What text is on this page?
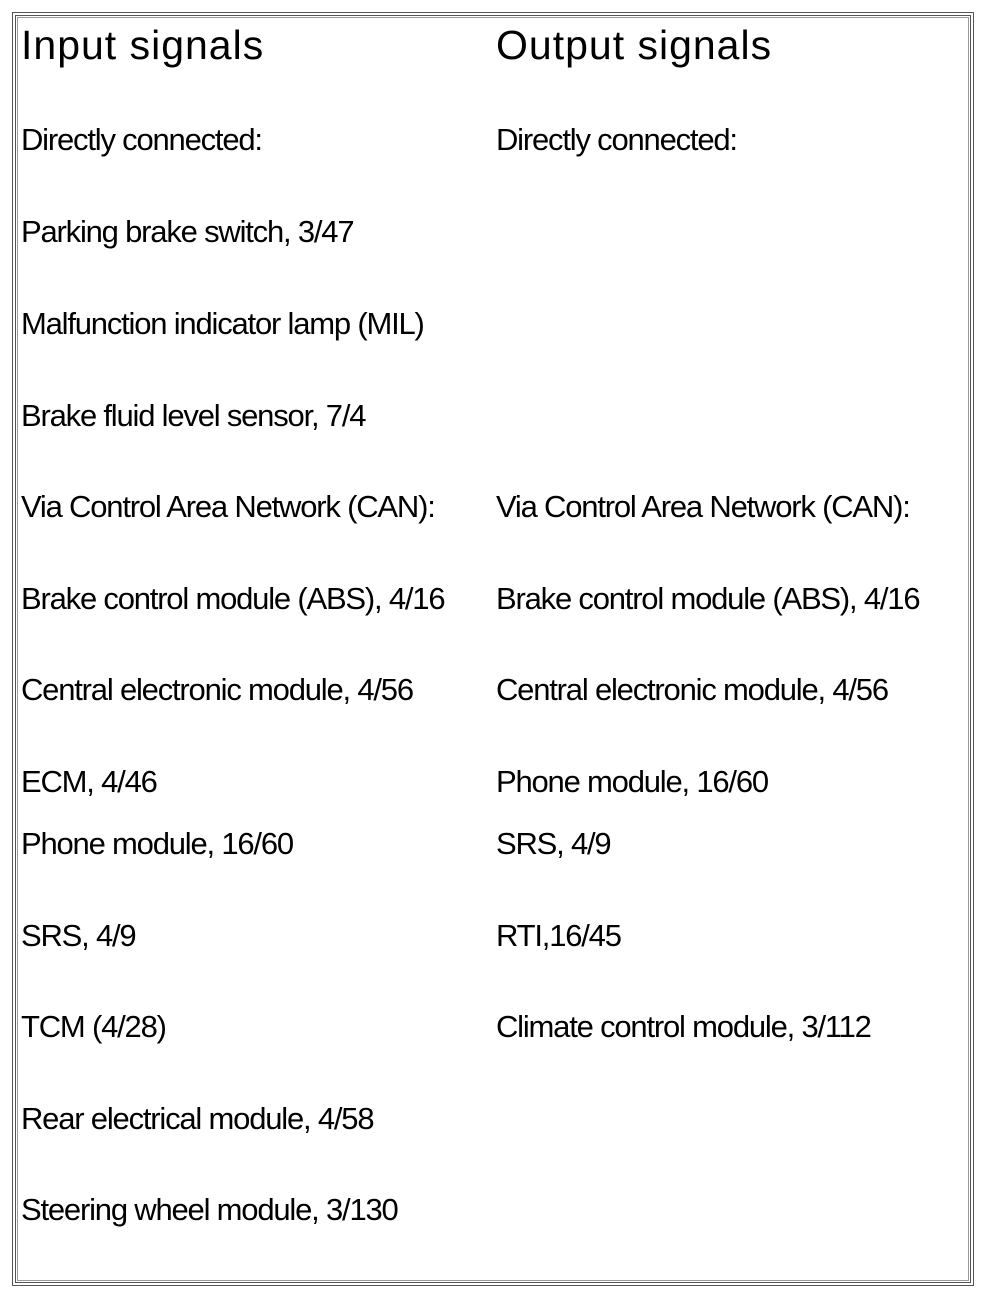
Input signals	Output signals
Directly connected:
Parking brake switch, 3/47
Malfunction indicator lamp (MIL)
Brake fluid level sensor, 7/4
Via Control Area Network (CAN):
Brake control module (ABS), 4/16
Central electronic module, 4/56
ECM, 4/46
Phone module, 16/60
SRS, 4/9
TCM (4/28)
Rear electrical module, 4/58
Steering wheel module, 3/130
Directly connected:
Via Control Area Network (CAN):
Brake control module (ABS), 4/16
Central electronic module, 4/56
Phone module, 16/60
SRS, 4/9
RTI,16/45
Climate control module, 3/112
